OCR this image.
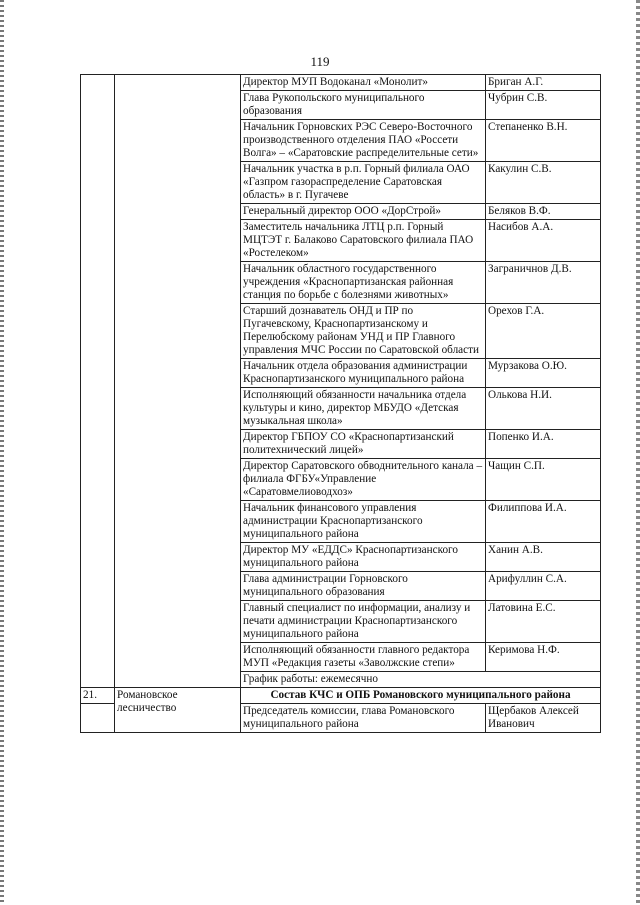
119
		Директор МУП Водоканал «Монолит»	Бриган А.Г.
		Глава Рукопольского муниципального образования	Чубрин С.В.
		Начальник Горновских РЭС Северо-Восточного производственного отделения ПАО «Россети Волга» – «Саратовские распределительные сети»	Степаненко В.Н.
		Начальник участка в р.п. Горный филиала ОАО «Газпром газораспределение Саратовская область» в г. Пугачеве	Какулин С.В.
		Генеральный директор ООО «ДорСтрой»	Беляков В.Ф.
		Заместитель начальника ЛТЦ р.п. Горный МЦТЭТ г. Балаково Саратовского филиала ПАО «Ростелеком»	Насибов А.А.
		Начальник областного государственного учреждения «Краснопартизанская районная станция по борьбе с болезнями животных»	Заграничнов Д.В.
		Старший дознаватель ОНД и ПР по Пугачевскому, Краснопартизанскому и Перелюбскому районам УНД и ПР Главного управления МЧС России по Саратовской области	Орехов Г.А.
		Начальник отдела образования администрации Краснопартизанского муниципального района	Мурзакова О.Ю.
		Исполняющий обязанности начальника отдела культуры и кино, директор МБУДО «Детская музыкальная школа»	Олькова Н.И.
		Директор ГБПОУ СО «Краснопартизанский политехнический лицей»	Попенко И.А.
		Директор Саратовского обводнительного канала – филиала ФГБУ«Управление «Саратовмелиоводхоз»	Чащин С.П.
		Начальник финансового управления администрации Краснопартизанского муниципального района	Филиппова И.А.
		Директор МУ «ЕДДС» Краснопартизанского муниципального района	Ханин А.В.
		Глава администрации Горновского муниципального образования	Арифуллин С.А.
		Главный специалист по информации, анализу и печати администрации Краснопартизанского муниципального района	Латовина Е.С.
		Исполняющий обязанности главного редактора МУП «Редакция газеты «Заволжские степи»	Керимова Н.Ф.
		График работы: ежемесячно	
21.	Романовское лесничество	Состав КЧС и ОПБ Романовского муниципального района	
		Председатель комиссии, глава Романовского муниципального района	Щербаков Алексей Иванович
